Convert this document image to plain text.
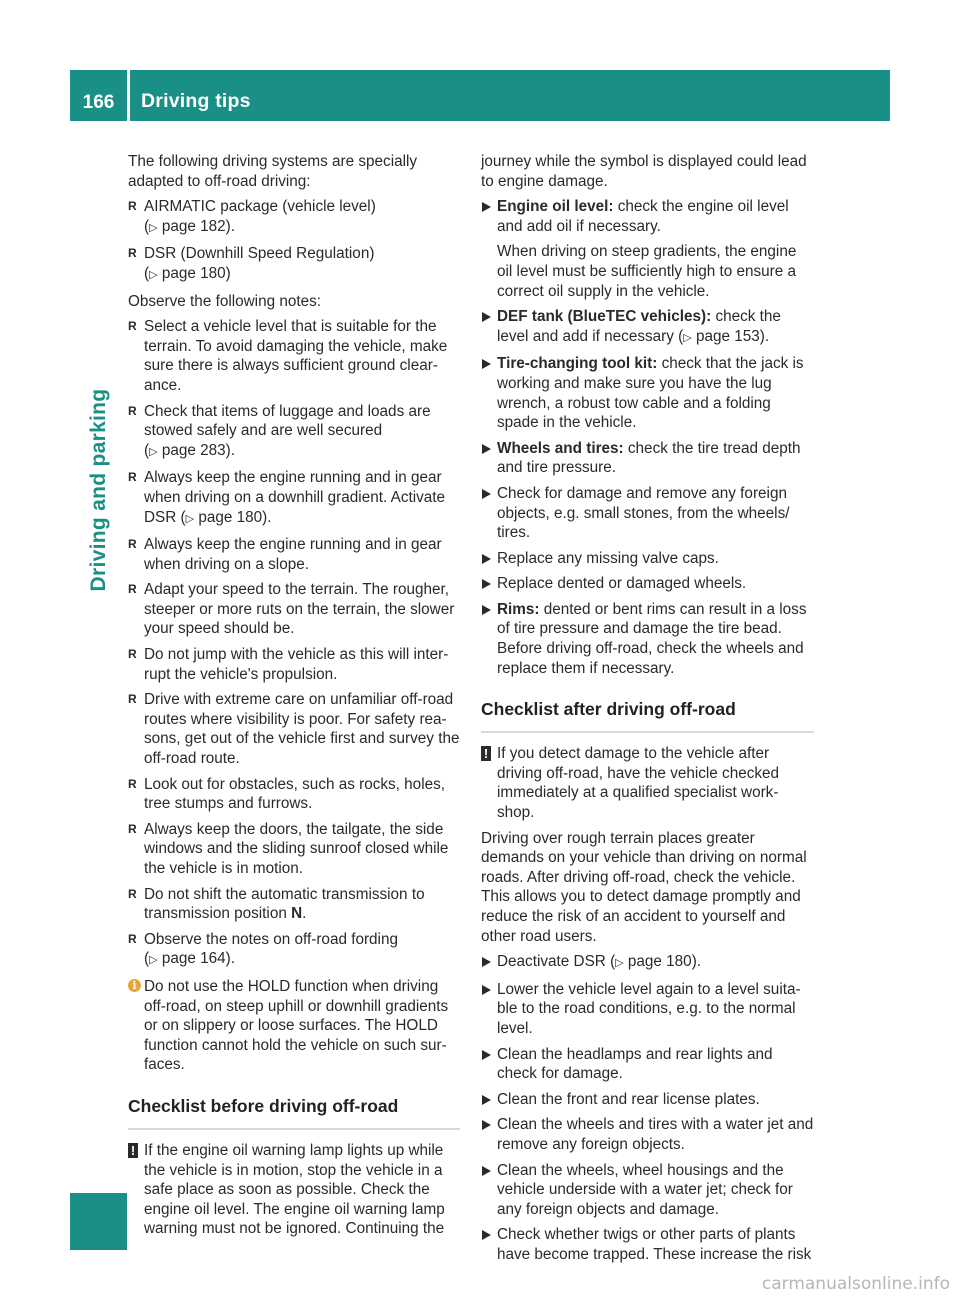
166	Driving tips
Driving and parking

The following driving systems are specially adapted to off-road driving:

R AIRMATIC package (vehicle level)
(▷ page 182).
R DSR (Downhill Speed Regulation)
(▷ page 180)

Observe the following notes:

R Select a vehicle level that is suitable for the terrain. To avoid damaging the vehicle, make sure there is always sufficient ground clear- ance.
R Check that items of luggage and loads are stowed safely and are well secured
(▷ page 283).
R Always keep the engine running and in gear when driving on a downhill gradient. Activate DSR (▷ page 180).
R Always keep the engine running and in gear when driving on a slope.
R Adapt your speed to the terrain. The rougher, steeper or more ruts on the terrain, the slower your speed should be.
R Do not jump with the vehicle as this will inter- rupt the vehicle's propulsion.
R Drive with extreme care on unfamiliar off-road routes where visibility is poor. For safety rea- sons, get out of the vehicle first and survey the off-road route.
R Look out for obstacles, such as rocks, holes, tree stumps and furrows.
R Always keep the doors, the tailgate, the side windows and the sliding sunroof closed while the vehicle is in motion.
R Do not shift the automatic transmission to transmission position N.
R Observe the notes on off-road fording
(▷ page 164).
i Do not use the HOLD function when driving off-road, on steep uphill or downhill gradients or on slippery or loose surfaces. The HOLD function cannot hold the vehicle on such sur- faces.
Checklist before driving off-road
! If the engine oil warning lamp lights up while the vehicle is in motion, stop the vehicle in a safe place as soon as possible. Check the engine oil level. The engine oil warning lamp warning must not be ignored. Continuing the

journey while the symbol is displayed could lead to engine damage.

Engine oil level: check the engine oil level and add oil if necessary.
When driving on steep gradients, the engine oil level must be sufficiently high to ensure a correct oil supply in the vehicle.
DEF tank (BlueTEC vehicles): check the level and add if necessary (▷ page 153).
Tire-changing tool kit: check that the jack is working and make sure you have the lug wrench, a robust tow cable and a folding spade in the vehicle.
Wheels and tires: check the tire tread depth and tire pressure.
Check for damage and remove any foreign objects, e.g. small stones, from the wheels/ tires.
Replace any missing valve caps.
Replace dented or damaged wheels.
Rims: dented or bent rims can result in a loss of tire pressure and damage the tire bead. Before driving off-road, check the wheels and replace them if necessary.
Checklist after driving off-road
! If you detect damage to the vehicle after driving off-road, have the vehicle checked immediately at a qualified specialist work- shop.

Driving over rough terrain places greater demands on your vehicle than driving on normal roads. After driving off-road, check the vehicle. This allows you to detect damage promptly and reduce the risk of an accident to yourself and other road users.

Deactivate DSR (▷ page 180).
Lower the vehicle level again to a level suita- ble to the road conditions, e.g. to the normal level.
Clean the headlamps and rear lights and check for damage.
Clean the front and rear license plates.
Clean the wheels and tires with a water jet and remove any foreign objects.
Clean the wheels, wheel housings and the vehicle underside with a water jet; check for any foreign objects and damage.
Check whether twigs or other parts of plants have become trapped. These increase the risk
carmanualsonline.info
